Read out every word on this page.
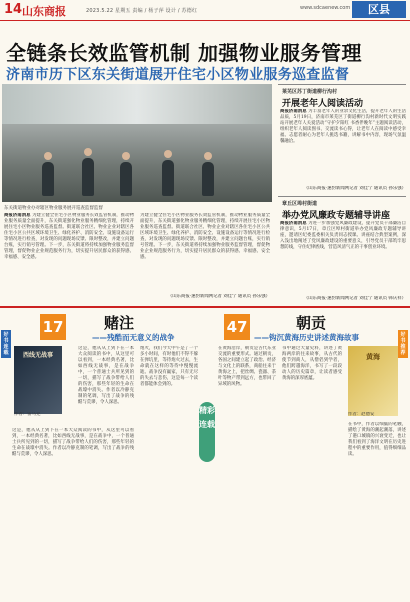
14 山东商报	2023.5.22 星期五 责编 / 杨子萍 设计 / 苏德红	www.sdcaenew.com	区县
全链条长效监管机制 加强物业服务管理
济南市历下区东关街道展开住宅小区物业服务巡查监督
东关街道物业办对辖区物业服务展开巡查监督监督
商报济南消息 为建立健全住宅小区物业服务长效监管机制，推动物业服务质量全面提升，东关街道强化物业服务精细化管理，持续开展住宅小区物业服务巡查监督。街道联合社区、物业企业对辖区各住宅小区公共区域环境卫生、绿化养护、消防安全、设施设备运行等情况进行检查，对发现的问题现场反馈、限时整改，并建立问题台账，实行销号管理。下一步，东关街道将持续加强物业服务监督管理，督促物业企业规范服务行为，切实提升居民群众的获得感、幸福感、安全感。
为建立健全住宅小区物业服务长效监管机制，推动物业服务质量全面提升，东关街道强化物业服务精细化管理，持续开展住宅小区物业服务巡查监督。街道联合社区、物业企业对辖区各住宅小区公共区域环境卫生、绿化养护、消防安全、设施设备运行等情况进行检查，对发现的问题现场反馈、限时整改，并建立问题台账，实行销号管理。下一步，东关街道将持续加强物业服务监督管理，督促物业企业规范服务行为，切实提升居民群众的获得感、幸福感、安全感。
（山东商报·速豹新闻网记者 刘佳宁 通讯员 孙乐强）
莱芜区苏丁街道柳行沟村
开展老年人阅读活动
商报济南消息 为丰富老年人的业余文化生活，提升老年人的生活品质，5月19日，济南市莱芜区丁街道柳行沟村新时代文明实践站开展老年人关爱活动“守护夕阳红 书香伴晚年”主题阅读活动，组织老年人阅读图书、交流读书心得，让老年人在阅读中感受幸福。志愿者耐心为老年人挑选书籍，讲解书中内容，现场气氛温馨融洽。
（山东商报·速豹新闻网记者 刘佳宁 通讯员 孙乐强）
章丘区埠村街道
举办党风廉政专题辅导讲座
商报济南消息 为进一步加强党风廉政建设，提升党员干部廉洁自律意识，5月17日，章丘区埠村街道举办党风廉政专题辅导讲座，邀请区纪委监委相关负责同志授课。讲座结合典型案例，深入浅出地阐述了党风廉政建设的重要意义，引导党员干部筑牢思想防线，守住纪律底线，营造风清气正的干事创业环境。
（山东商报·速豹新闻网记者 刘佳宁 通讯员 韩庆祥）
17	赌注
——残酷而无意义的战争
西线无战事
作者：雷马克
这是，他从从上到下在一本大众阅读的书中，从这里可以看到，一本经典名著，比如西线无战事，是在战争中，一个普通士兵所见到的一切，描写了战争带给人们的伤害，那些年轻的生命在战壕中消失。作者以冷静克制的笔调，写出了战争的残酷与荒谬，令人深思。
这是，他从从上到下在一本大众阅读的书中，从这里可以看到，一本经典名著，比如西线无战事，是在战争中，一个普通士兵所见到的一切，描写了战争带给人们的伤害，那些年轻的生命在战壕中消失。作者以冷静克制的笔调，写出了战争的残酷与荒谬，令人深思。
炮火，我们今天中午是了一个多小时间，有时他们不得不躲在弹坑里，等待炮火过去，生命就在这样的等待中慢慢流逝。战争没有赢家，只有无尽的失去与悲伤，这是每一个读者都能体会到的。
好
书
连
载
精彩连载
47	朝贡
——钩沉黄海历史讲述黄海故事
在黄海沿岸，朝贡是古代东亚交流的重要形式。通过朝贡，各国之间建立起了政治、经济与文化上的联系，商船往来于黄海之上，把丝绸、瓷器、茶叶等物产带到远方，也带回了异域的风物。
书中通过大量史料，讲述了黄海两岸的往来故事，从古代的使节到商人，从僧侣到学者，他们跨越海洋，书写了一段段动人的历史篇章，让读者感受黄海的深厚底蕴。
黄海
作者：赵德安
在书中，作者以细腻的笔触，描绘了黄海的潮起潮落，讲述了港口城镇的兴衰变迁，也让我们看到了海洋文明在历史进程中的重要作用，值得细细品读。
好
书
推
荐
